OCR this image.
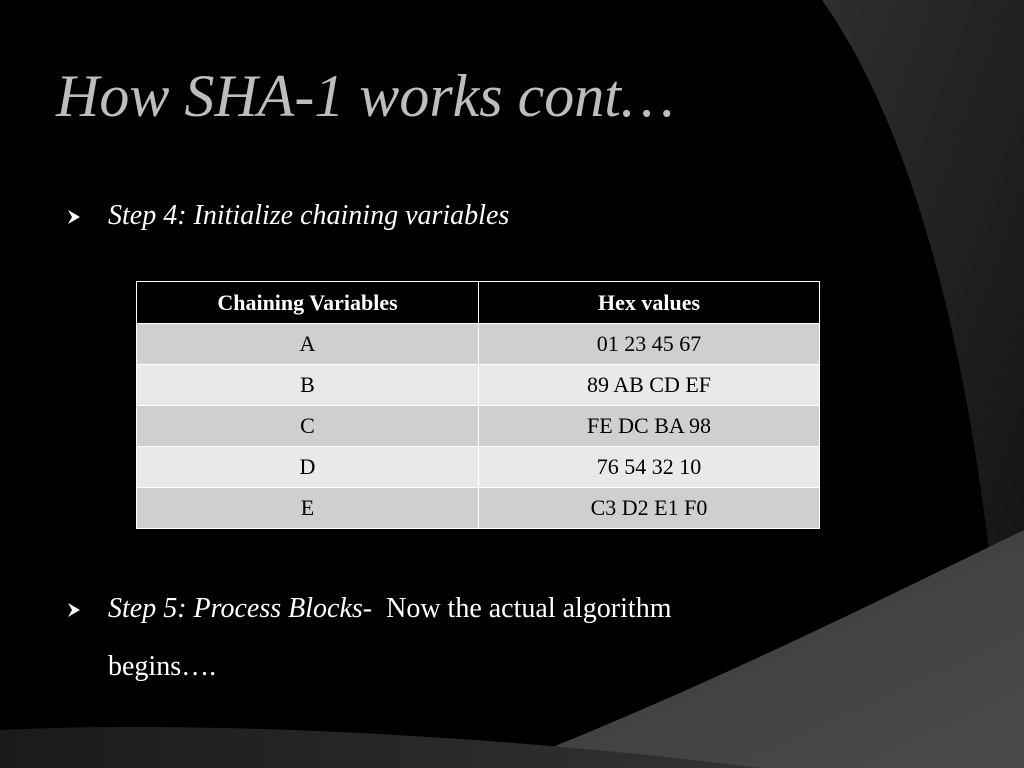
How SHA-1 works cont…
Step 4: Initialize chaining variables
Chaining Variables	Hex values
A	01 23 45 67
B	89 AB CD EF
C	FE DC BA 98
D	76 54 32 10
E	C3 D2 E1 F0
Step 5: Process Blocks- Now the actual algorithm
begins….
